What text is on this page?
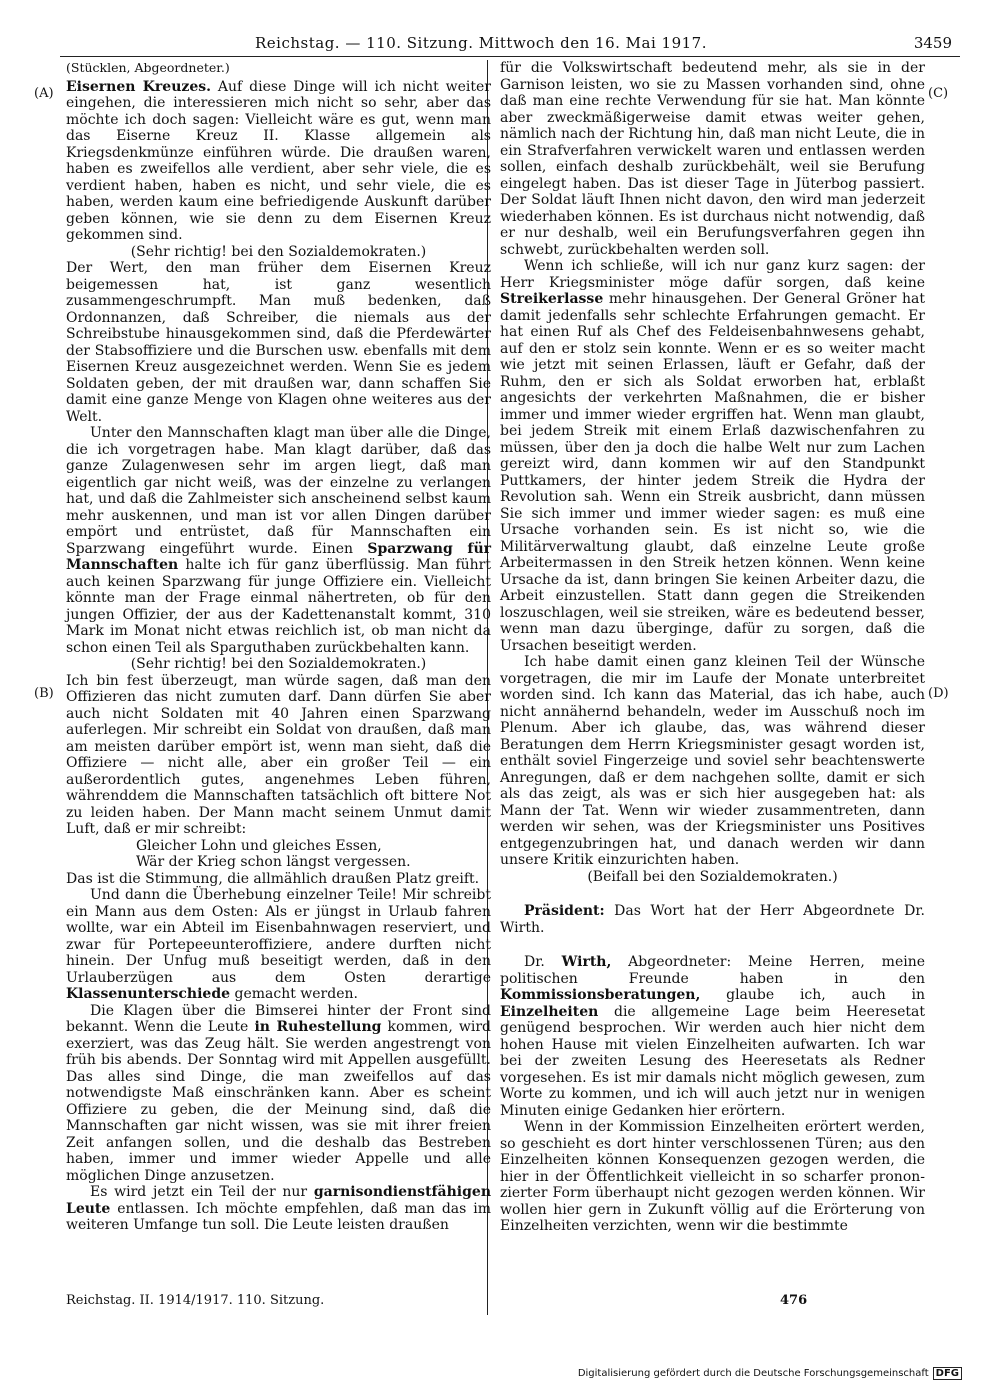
Reichstag. — 110. Sitzung. Mittwoch den 16. Mai 1917.	3459
(A)
(B)
(C)
(D)
(Stücklen, Abgeordneter.)

Eisernen Kreuzes. Auf diese Dinge will ich nicht weiter eingehen, die interessieren mich nicht so sehr, aber das möchte ich doch sagen: Vielleicht wäre es gut, wenn man das Eiserne Kreuz II. Klasse allgemein als Kriegsdenkmünze einführen würde. Die draußen waren, haben es zweifellos alle verdient, aber sehr viele, die es verdient haben, haben es nicht, und sehr viele, die es haben, werden kaum eine befriedigende Auskunft darüber geben können, wie sie denn zu dem Eisernen Kreuz gekommen sind.

(Sehr richtig! bei den Sozialdemokraten.)

Der Wert, den man früher dem Eisernen Kreuz beigemessen hat, ist ganz wesentlich zusammengeschrumpft. Man muß bedenken, daß Ordonnanzen, daß Schreiber, die niemals aus der Schreibstube hinausgekommen sind, daß die Pferdewärter der Stabsoffiziere und die Burschen usw. ebenfalls mit dem Eisernen Kreuz ausgezeichnet werden. Wenn Sie es jedem Soldaten geben, der mit draußen war, dann schaffen Sie damit eine ganze Menge von Klagen ohne weiteres aus der Welt.

Unter den Mannschaften klagt man über alle die Dinge, die ich vorgetragen habe. Man klagt darüber, daß das ganze Zulagenwesen sehr im argen liegt, daß man eigentlich gar nicht weiß, was der einzelne zu verlangen hat, und daß die Zahlmeister sich anscheinend selbst kaum mehr auskennen, und man ist vor allen Dingen darüber empört und entrüstet, daß für Mannschaften ein Sparzwang eingeführt wurde. Einen Sparzwang für Mannschaften halte ich für ganz überflüssig. Man führt auch keinen Sparzwang für junge Offiziere ein. Vielleicht könnte man der Frage einmal nähertreten, ob für den jungen Offizier, der aus der Kadettenanstalt kommt, 310 Mark im Monat nicht etwas reichlich ist, ob man nicht da schon einen Teil als Sparguthaben zurückbehalten kann.

(Sehr richtig! bei den Sozialdemokraten.)

Ich bin fest überzeugt, man würde sagen, daß man den Offizieren das nicht zumuten darf. Dann dürfen Sie aber auch nicht Soldaten mit 40 Jahren einen Sparzwang auferlegen. Mir schreibt ein Soldat von draußen, daß man am meisten darüber empört ist, wenn man sieht, daß die Offiziere — nicht alle, aber ein großer Teil — ein außerordentlich gutes, angenehmes Leben führen, währenddem die Mannschaften tatsächlich oft bittere Not zu leiden haben. Der Mann macht seinem Unmut damit Luft, daß er mir schreibt:

Gleicher Lohn und gleiches Essen,

Wär der Krieg schon längst vergessen.

Das ist die Stimmung, die allmählich draußen Platz greift.

Und dann die Überhebung einzelner Teile! Mir schreibt ein Mann aus dem Osten: Als er jüngst in Urlaub fahren wollte, war ein Abteil im Eisenbahnwagen reserviert, und zwar für Portepeeunteroffiziere, andere durften nicht hinein. Der Unfug muß beseitigt werden, daß in den Urlauberzügen aus dem Osten derartige Klassenunterschiede gemacht werden.

Die Klagen über die Bimserei hinter der Front sind bekannt. Wenn die Leute in Ruhestellung kommen, wird exerziert, was das Zeug hält. Sie werden angestrengt von früh bis abends. Der Sonntag wird mit Appellen ausgefüllt. Das alles sind Dinge, die man zweifellos auf das notwendigste Maß einschränken kann. Aber es scheint Offiziere zu geben, die der Meinung sind, daß die Mannschaften gar nicht wissen, was sie mit ihrer freien Zeit anfangen sollen, und die deshalb das Bestreben haben, immer und immer wieder Appelle und alle möglichen Dinge anzusetzen.

Es wird jetzt ein Teil der nur garnisondienstfähigen Leute entlassen. Ich möchte empfehlen, daß man das im weiteren Umfange tun soll. Die Leute leisten draußen

für die Volkswirtschaft bedeutend mehr, als sie in der Garnison leisten, wo sie zu Massen vorhanden sind, ohne daß man eine rechte Verwendung für sie hat. Man könnte aber zweckmäßigerweise damit etwas weiter gehen, nämlich nach der Richtung hin, daß man nicht Leute, die in ein Strafverfahren verwickelt waren und entlassen werden sollen, einfach deshalb zurückbehält, weil sie Berufung eingelegt haben. Das ist dieser Tage in Jüterbog passiert. Der Soldat läuft Ihnen nicht davon, den wird man jederzeit wiederhaben können. Es ist durchaus nicht notwendig, daß er nur deshalb, weil ein Berufungsverfahren gegen ihn schwebt, zurückbehalten werden soll.

Wenn ich schließe, will ich nur ganz kurz sagen: der Herr Kriegsminister möge dafür sorgen, daß keine Streikerlasse mehr hinausgehen. Der General Gröner hat damit jedenfalls sehr schlechte Erfahrungen gemacht. Er hat einen Ruf als Chef des Feldeisenbahnwesens gehabt, auf den er stolz sein konnte. Wenn er es so weiter macht wie jetzt mit seinen Erlassen, läuft er Gefahr, daß der Ruhm, den er sich als Soldat erworben hat, erblaßt angesichts der verkehrten Maßnahmen, die er bisher immer und immer wieder ergriffen hat. Wenn man glaubt, bei jedem Streik mit einem Erlaß dazwischenfahren zu müssen, über den ja doch die halbe Welt nur zum Lachen gereizt wird, dann kommen wir auf den Standpunkt Puttkamers, der hinter jedem Streik die Hydra der Revolution sah. Wenn ein Streik ausbricht, dann müssen Sie sich immer und immer wieder sagen: es muß eine Ursache vorhanden sein. Es ist nicht so, wie die Militärverwaltung glaubt, daß einzelne Leute große Arbeitermassen in den Streik hetzen können. Wenn keine Ursache da ist, dann bringen Sie keinen Arbeiter dazu, die Arbeit einzustellen. Statt dann gegen die Streikenden loszuschlagen, weil sie streiken, wäre es bedeutend besser, wenn man dazu überginge, dafür zu sorgen, daß die Ursachen beseitigt werden.

Ich habe damit einen ganz kleinen Teil der Wünsche vorgetragen, die mir im Laufe der Monate unterbreitet worden sind. Ich kann das Material, das ich habe, auch nicht annähernd behandeln, weder im Ausschuß noch im Plenum. Aber ich glaube, das, was während dieser Beratungen dem Herrn Kriegsminister gesagt worden ist, enthält soviel Fingerzeige und soviel sehr beachtenswerte Anregungen, daß er dem nachgehen sollte, damit er sich als das zeigt, als was er sich hier ausgegeben hat: als Mann der Tat. Wenn wir wieder zusammentreten, dann werden wir sehen, was der Kriegsminister uns Positives entgegenzubringen hat, und danach werden wir dann unsere Kritik einzurichten haben.

(Beifall bei den Sozialdemokraten.)

Präsident: Das Wort hat der Herr Abgeordnete Dr. Wirth.

Dr. Wirth, Abgeordneter: Meine Herren, meine politischen Freunde haben in den Kommissionsberatungen, glaube ich, auch in Einzelheiten die allgemeine Lage beim Heeresetat genügend besprochen. Wir werden auch hier nicht dem hohen Hause mit vielen Einzelheiten aufwarten. Ich war bei der zweiten Lesung des Heeresetats als Redner vorgesehen. Es ist mir damals nicht möglich gewesen, zum Worte zu kommen, und ich will auch jetzt nur in wenigen Minuten einige Gedanken hier erörtern.

Wenn in der Kommission Einzelheiten erörtert werden, so geschieht es dort hinter verschlossenen Türen; aus den Einzelheiten können Konsequenzen gezogen werden, die hier in der Öffentlichkeit vielleicht in so scharfer pronon- zierter Form überhaupt nicht gezogen werden können. Wir wollen hier gern in Zukunft völlig auf die Erörterung von Einzelheiten verzichten, wenn wir die bestimmte

Reichstag. II. 1914/1917. 110. Sitzung.	476
Digitalisierung gefördert durch die Deutsche Forschungsgemeinschaft DFG
